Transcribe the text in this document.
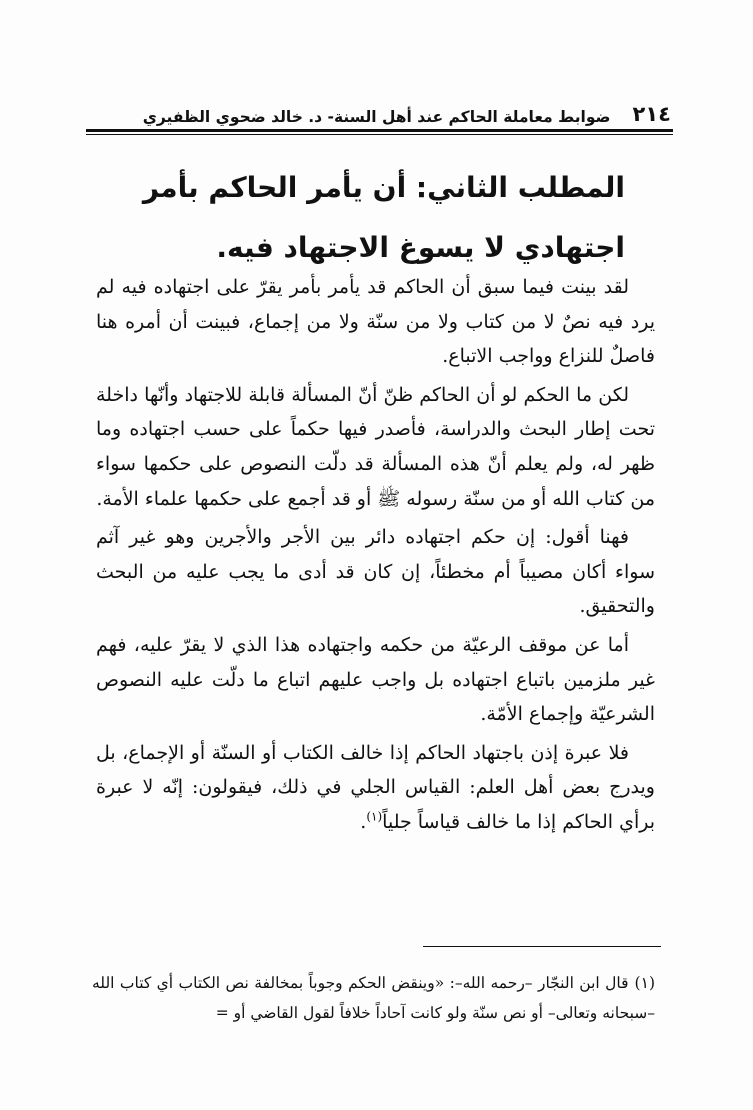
٢١٤
ضوابط معاملة الحاكم عند أهل السنة- د. خالد ضحوي الظفيري
المطلب الثاني: أن يأمر الحاكم بأمر اجتهادي لا يسوغ الاجتهاد فيه.

لقد بينت فيما سبق أن الحاكم قد يأمر بأمر يقرّ على اجتهاده فيه لم يرد فيه نصٌ لا من كتاب ولا من سنّة ولا من إجماع، فبينت أن أمره هنا فاصلٌ للنزاع وواجب الاتباع.

لكن ما الحكم لو أن الحاكم ظنّ أنّ المسألة قابلة للاجتهاد وأنّها داخلة تحت إطار البحث والدراسة، فأصدر فيها حكماً على حسب اجتهاده وما ظهر له، ولم يعلم أنّ هذه المسألة قد دلّت النصوص على حكمها سواء من كتاب الله أو من سنّة رسوله ﷺ أو قد أجمع على حكمها علماء الأمة.

فهنا أقول: إن حكم اجتهاده دائر بين الأجر والأجرين وهو غير آثم سواء أكان مصيباً أم مخطئاً، إن كان قد أدى ما يجب عليه من البحث والتحقيق.

أما عن موقف الرعيّة من حكمه واجتهاده هذا الذي لا يقرّ عليه، فهم غير ملزمين باتباع اجتهاده بل واجب عليهم اتباع ما دلّت عليه النصوص الشرعيّة وإجماع الأمّة.

فلا عبرة إذن باجتهاد الحاكم إذا خالف الكتاب أو السنّة أو الإجماع، بل ويدرج بعض أهل العلم: القياس الجلي في ذلك، فيقولون: إنّه لا عبرة برأي الحاكم إذا ما خالف قياساً جلياً$^{(١)}$.

(١)قال ابن النجّار –رحمه الله–: «وينقض الحكم وجوباً بمخالفة نص الكتاب أي كتاب الله –سبحانه وتعالى– أو نص سنّة ولو كانت آحاداً خلافاً لقول القاضي أو =
